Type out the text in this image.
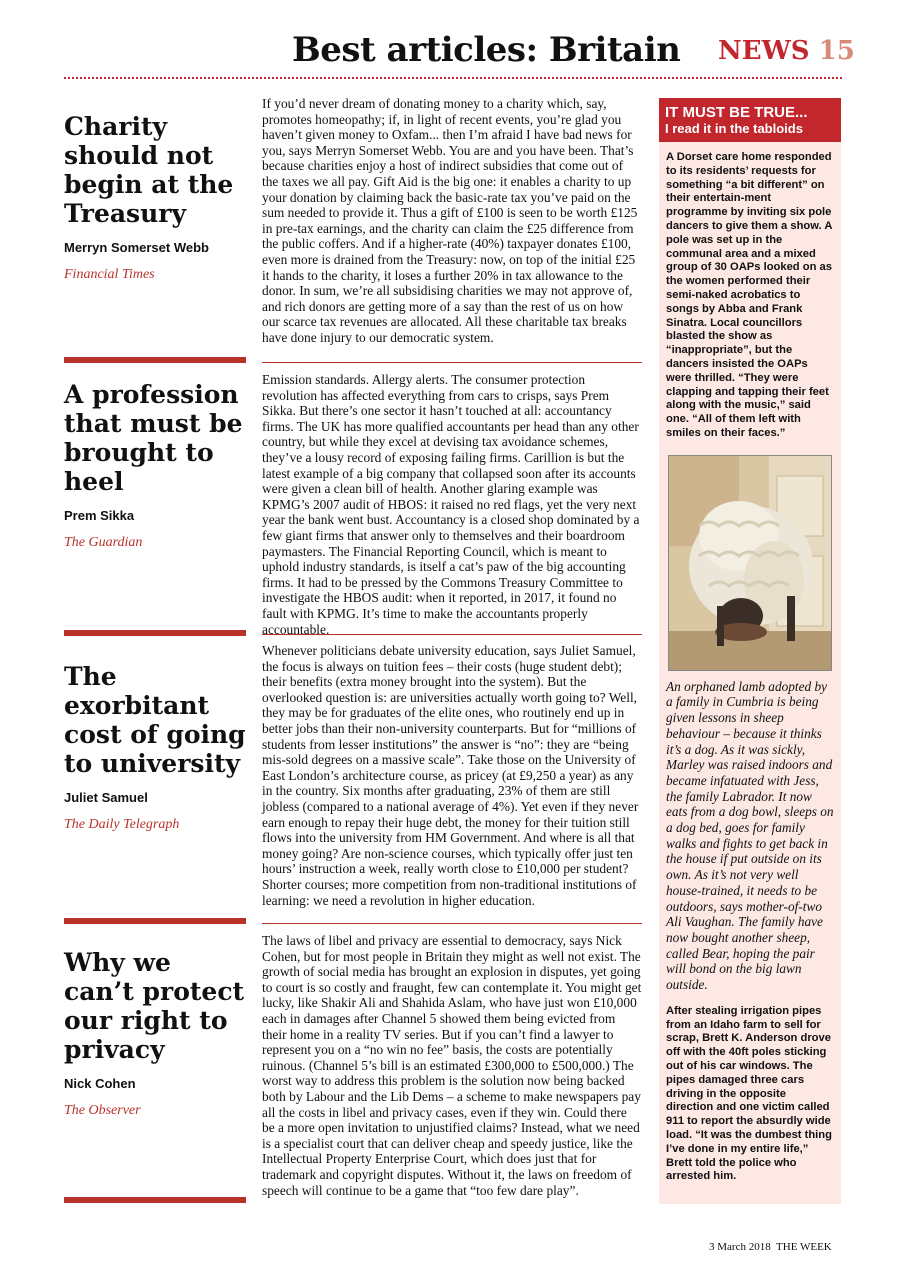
Best articles: Britain NEWS 15
Charity should not begin at the Treasury
Merryn Somerset Webb
Financial Times

If you’d never dream of donating money to a charity which, say, promotes homeopathy; if, in light of recent events, you’re glad you haven’t given money to Oxfam... then I’m afraid I have bad news for you, says Merryn Somerset Webb. You are and you have been. That’s because charities enjoy a host of indirect subsidies that come out of the taxes we all pay. Gift Aid is the big one: it enables a charity to up your donation by claiming back the basic-rate tax you’ve paid on the sum needed to provide it. Thus a gift of £100 is seen to be worth £125 in pre-tax earnings, and the charity can claim the £25 difference from the public coffers. And if a higher-rate (40%) taxpayer donates £100, even more is drained from the Treasury: now, on top of the initial £25 it hands to the charity, it loses a further 20% in tax allowance to the donor. In sum, we’re all subsidising charities we may not approve of, and rich donors are getting more of a say than the rest of us on how our scarce tax revenues are allocated. All these charitable tax breaks have done injury to our democratic system.

A profession that must be brought to heel
Prem Sikka
The Guardian

Emission standards. Allergy alerts. The consumer protection revolution has affected everything from cars to crisps, says Prem Sikka. But there’s one sector it hasn’t touched at all: accountancy firms. The UK has more qualified accountants per head than any other country, but while they excel at devising tax avoidance schemes, they’ve a lousy record of exposing failing firms. Carillion is but the latest example of a big company that collapsed soon after its accounts were given a clean bill of health. Another glaring example was KPMG’s 2007 audit of HBOS: it raised no red flags, yet the very next year the bank went bust. Accountancy is a closed shop dominated by a few giant firms that answer only to themselves and their boardroom paymasters. The Financial Reporting Council, which is meant to uphold industry standards, is itself a cat’s paw of the big accounting firms. It had to be pressed by the Commons Treasury Committee to investigate the HBOS audit: when it reported, in 2017, it found no fault with KPMG. It’s time to make the accountants properly accountable.

The exorbitant cost of going to university
Juliet Samuel
The Daily Telegraph

Whenever politicians debate university education, says Juliet Samuel, the focus is always on tuition fees – their costs (huge student debt); their benefits (extra money brought into the system). But the overlooked question is: are universities actually worth going to? Well, they may be for graduates of the elite ones, who routinely end up in better jobs than their non-university counterparts. But for “millions of students from lesser institutions” the answer is “no”: they are “being mis-sold degrees on a massive scale”. Take those on the University of East London’s architecture course, as pricey (at £9,250 a year) as any in the country. Six months after graduating, 23% of them are still jobless (compared to a national average of 4%). Yet even if they never earn enough to repay their huge debt, the money for their tuition still flows into the university from HM Government. And where is all that money going? Are non-science courses, which typically offer just ten hours’ instruction a week, really worth close to £10,000 per student? Shorter courses; more competition from non-traditional institutions of learning: we need a revolution in higher education.

Why we can’t protect our right to privacy
Nick Cohen
The Observer

The laws of libel and privacy are essential to democracy, says Nick Cohen, but for most people in Britain they might as well not exist. The growth of social media has brought an explosion in disputes, yet going to court is so costly and fraught, few can contemplate it. You might get lucky, like Shakir Ali and Shahida Aslam, who have just won £10,000 each in damages after Channel 5 showed them being evicted from their home in a reality TV series. But if you can’t find a lawyer to represent you on a “no win no fee” basis, the costs are potentially ruinous. (Channel 5’s bill is an estimated £300,000 to £500,000.) The worst way to address this problem is the solution now being backed both by Labour and the Lib Dems – a scheme to make newspapers pay all the costs in libel and privacy cases, even if they win. Could there be a more open invitation to unjustified claims? Instead, what we need is a specialist court that can deliver cheap and speedy justice, like the Intellectual Property Enterprise Court, which does just that for trademark and copyright disputes. Without it, the laws on freedom of speech will continue to be a game that “too few dare play”.

IT MUST BE TRUE...
I read it in the tabloids
A Dorset care home responded to its residents’ requests for something “a bit different” on their entertain-ment programme by inviting six pole dancers to give them a show. A pole was set up in the communal area and a mixed group of 30 OAPs looked on as the women performed their semi-naked acrobatics to songs by Abba and Frank Sinatra. Local councillors blasted the show as “inappropriate”, but the dancers insisted the OAPs were thrilled. “They were clapping and tapping their feet along with the music,” said one. “All of them left with smiles on their faces.”
An orphaned lamb adopted by a family in Cumbria is being given lessons in sheep behaviour – because it thinks it’s a dog. As it was sickly, Marley was raised indoors and became infatuated with Jess, the family Labrador. It now eats from a dog bowl, sleeps on a dog bed, goes for family walks and fights to get back in the house if put outside on its own. As it’s not very well house-trained, it needs to be outdoors, says mother-of-two Ali Vaughan. The family have now bought another sheep, called Bear, hoping the pair will bond on the big lawn outside.
After stealing irrigation pipes from an Idaho farm to sell for scrap, Brett K. Anderson drove off with the 40ft poles sticking out of his car windows. The pipes damaged three cars driving in the opposite direction and one victim called 911 to report the absurdly wide load. “It was the dumbest thing I’ve done in my entire life,” Brett told the police who arrested him.
3 March 2018 THE WEEK
